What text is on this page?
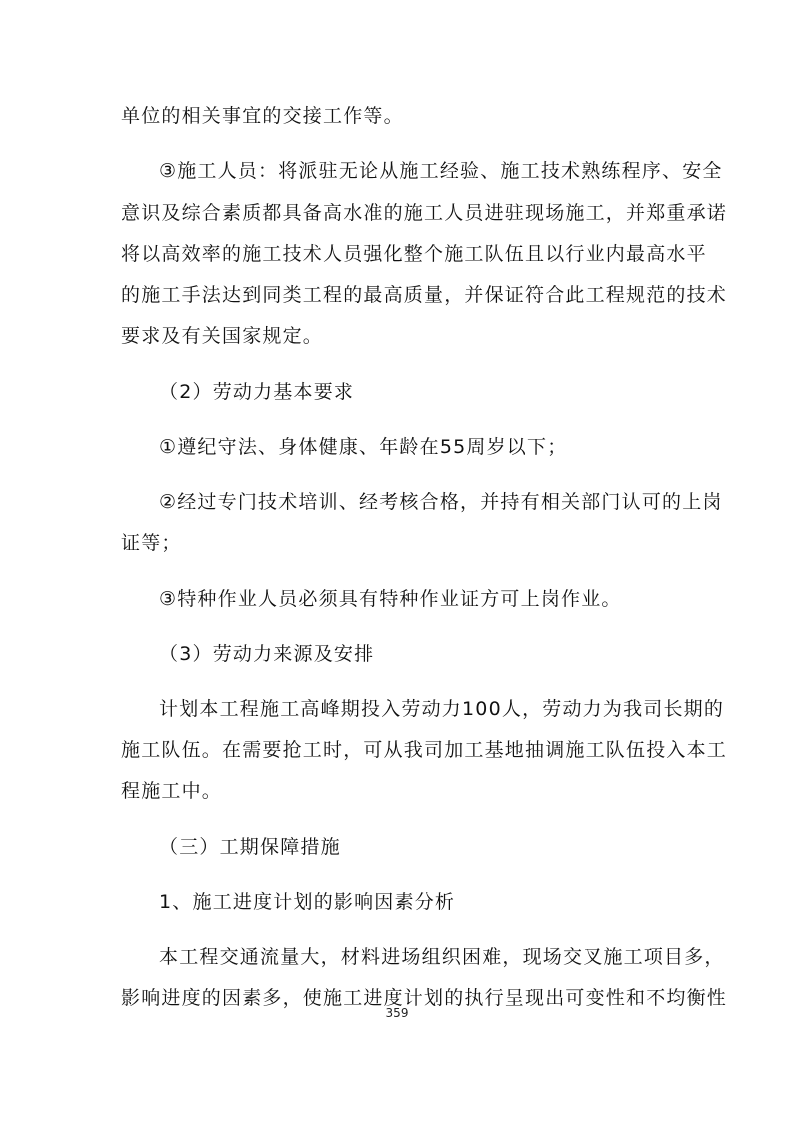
单位的相关事宜的交接工作等。
③施工人员：将派驻无论从施工经验、施工技术熟练程序、安全
意识及综合素质都具备高水准的施工人员进驻现场施工，并郑重承诺
将以高效率的施工技术人员强化整个施工队伍且以行业内最高水平
的施工手法达到同类工程的最高质量，并保证符合此工程规范的技术
要求及有关国家规定。
（2）劳动力基本要求
①遵纪守法、身体健康、年龄在55周岁以下；
②经过专门技术培训、经考核合格，并持有相关部门认可的上岗
证等；
③特种作业人员必须具有特种作业证方可上岗作业。
（3）劳动力来源及安排
计划本工程施工高峰期投入劳动力100人，劳动力为我司长期的
施工队伍。在需要抢工时，可从我司加工基地抽调施工队伍投入本工
程施工中。
（三）工期保障措施
1、施工进度计划的影响因素分析
本工程交通流量大，材料进场组织困难，现场交叉施工项目多，
影响进度的因素多，使施工进度计划的执行呈现出可变性和不均衡性
359
